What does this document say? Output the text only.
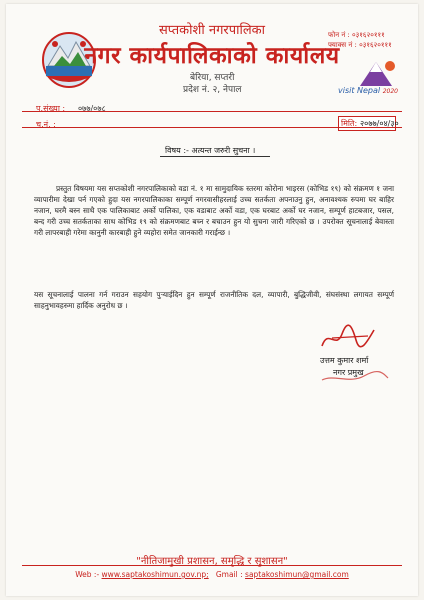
सप्तकोशी नगरपालिका
नगर कार्यपालिकाको कार्यालय
बेरिया, सप्तरी
प्रदेश नं. २, नेपाल
फोन नं : ०३१६२०१११
फ्याक्स नं : ०३१६२०१११
visit Nepal 2020
प.संख्या : ०७७/०७८
च.नं. :	मिति: २०७७/०४/३०
विषय :- अत्यन्त जरुरी सुचना ।
प्रस्तुत विषयमा यस सप्तकोशी नगरपालिकाको वडा नं. १ मा सामुदायिक स्तरमा कोरोना भाइरस (कोभिड १९) को संक्रमण १ जना व्यापारीमा देखा पर्न गएको हुदा यस नगरपालिकाका सम्पूर्ण नगरवासीहरलाई उच्च सतर्कता अपनाउनु हुन, अनावश्यक रुपमा घर बाहिर नजान, घरमै बस्न साथै एक पालिकाबाट अर्को पालिका, एक वडाबाट अर्को वडा, एक घरबाट अर्को घर नजान, सम्पूर्ण हाटबजार, पसल, बन्द गरी उच्च सतर्कताका साथ कोभिड १९ को संक्रमणबाट बच्न र बचाउन हुन यो सुचना जारी गरिएको छ । उपरोक्त सूचनालाई बेवास्ता गरी लापरबाही गरेमा कानुनी कारबाही हुने व्यहोरा समेत जानकारी गराईन्छ ।
यस सूचनालाई पालना गर्न गराउन सहयोग पुऱ्याईदिन हुन सम्पूर्ण राजनीतिक दल, व्यापारी, बुद्धिजीवी, संघसंस्था लगायत सम्पूर्ण साहनुभावहरुमा हार्दिक अनुरोध छ ।
उत्तम कुमार शर्मा
नगर प्रमुख
"नीतिजामुखी प्रशासन, समृद्धि र सुशासन"
Web :- www.saptakoshimun.gov.np; Gmail : saptakoshimun@gmail.com
